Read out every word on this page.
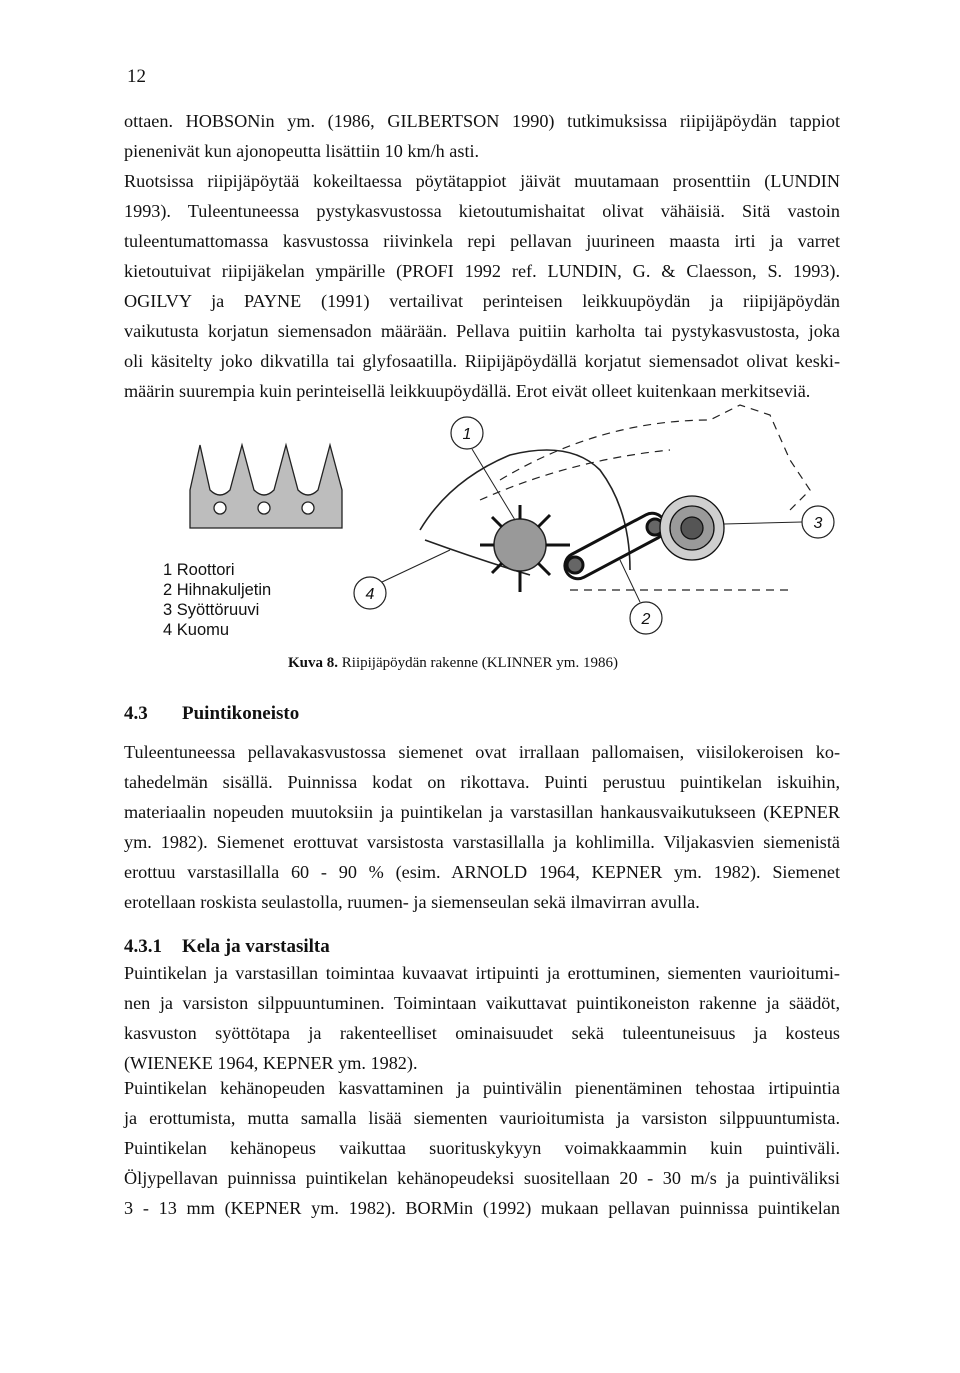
12

ottaen. HOBSONin ym. (1986, GILBERTSON 1990) tutkimuksissa riipijäpöydän tappiot
pienenivät kun ajonopeutta lisättiin 10 km/h asti.

Ruotsissa riipijäpöytää kokeiltaessa pöytätappiot jäivät muutamaan prosenttiin (LUNDIN
1993). Tuleentuneessa pystykasvustossa kietoutumishaitat olivat vähäisiä. Sitä vastoin
tuleentumattomassa kasvustossa riivinkela repi pellavan juurineen maasta irti ja varret
kietoutuivat riipijäkelan ympärille (PROFI 1992 ref. LUNDIN, G. & Claesson, S. 1993).
OGILVY ja PAYNE (1991) vertailivat perinteisen leikkuupöydän ja riipijäpöydän
vaikutusta korjatun siemensadon määrään. Pellava puitiin karholta tai pystykasvustosta, joka
oli käsitelty joko dikvatilla tai glyfosaatilla. Riipijäpöydällä korjatut siemensadot olivat keski-
määrin suurempia kuin perinteisellä leikkuupöydällä. Erot eivät olleet kuitenkaan merkitseviä.

1
2
3
4
1 Roottori
2 Hihnakuljetin
3 Syöttöruuvi
4 Kuomu
Kuva 8. Riipijäpöydän rakenne (KLINNER ym. 1986)
4.3 Puintikoneisto

Tuleentuneessa pellavakasvustossa siemenet ovat irrallaan pallomaisen, viisilokeroisen ko-
tahedelmän sisällä. Puinnissa kodat on rikottava. Puinti perustuu puintikelan iskuihin,
materiaalin nopeuden muutoksiin ja puintikelan ja varstasillan hankausvaikutukseen (KEPNER
ym. 1982). Siemenet erottuvat varsistosta varstasillalla ja kohlimilla. Viljakasvien siemenistä
erottuu varstasillalla 60 - 90 % (esim. ARNOLD 1964, KEPNER ym. 1982). Siemenet
erotellaan roskista seulastolla, ruumen- ja siemenseulan sekä ilmavirran avulla.

4.3.1 Kela ja varstasilta

Puintikelan ja varstasillan toimintaa kuvaavat irtipuinti ja erottuminen, siementen vaurioitumi-
nen ja varsiston silppuuntuminen. Toimintaan vaikuttavat puintikoneiston rakenne ja säädöt,
kasvuston syöttötapa ja rakenteelliset ominaisuudet sekä tuleentuneisuus ja kosteus
(WIENEKE 1964, KEPNER ym. 1982).

Puintikelan kehänopeuden kasvattaminen ja puintivälin pienentäminen tehostaa irtipuintia
ja erottumista, mutta samalla lisää siementen vaurioitumista ja varsiston silppuuntumista.
Puintikelan kehänopeus vaikuttaa suorituskykyyn voimakkaammin kuin puintiväli.
Öljypellavan puinnissa puintikelan kehänopeudeksi suositellaan 20 - 30 m/s ja puintiväliksi
3 - 13 mm (KEPNER ym. 1982). BORMin (1992) mukaan pellavan puinnissa puintikelan
